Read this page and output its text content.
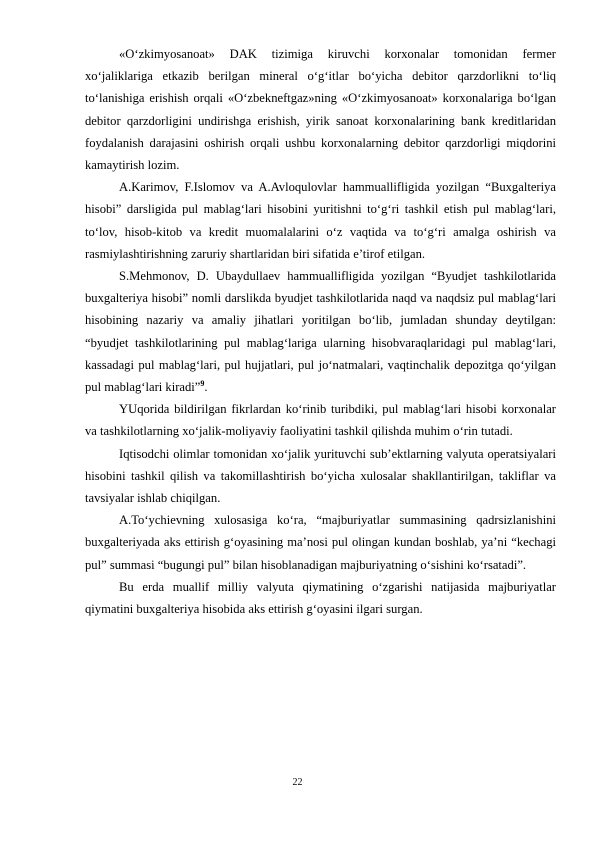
«O‘zkimyosanoat» DAK tizimiga kiruvchi korxonalar tomonidan fermer xo‘jaliklariga etkazib berilgan mineral o‘g‘itlar bo‘yicha debitor qarzdorlikni to‘liq to‘lanishiga erishish orqali «O‘zbekneftgaz»ning «O‘zkimyosanoat» korxonalariga bo‘lgan debitor qarzdorligini undirishga erishish, yirik sanoat korxonalarining bank kreditlaridan foydalanish darajasini oshirish orqali ushbu korxonalarning debitor qarzdorligi miqdorini kamaytirish lozim.

A.Karimov, F.Islomov va A.Avloqulovlar hammuallifligida yozilgan “Buxgalteriya hisobi” darsligida pul mablag‘lari hisobini yuritishni to‘g‘ri tashkil etish pul mablag‘lari, to‘lov, hisob-kitob va kredit muomalalarini o‘z vaqtida va to‘g‘ri amalga oshirish va rasmiylashtirishning zaruriy shartlaridan biri sifatida e’tirof etilgan.

S.Mehmonov, D. Ubaydullaev hammuallifligida yozilgan “Byudjet tashkilotlarida buxgalteriya hisobi” nomli darslikda byudjet tashkilotlarida naqd va naqdsiz pul mablag‘lari hisobining nazariy va amaliy jihatlari yoritilgan bo‘lib, jumladan shunday deytilgan: “byudjet tashkilotlarining pul mablag‘lariga ularning hisobvaraqlaridagi pul mablag‘lari, kassadagi pul mablag‘lari, pul hujjatlari, pul jo‘natmalari, vaqtinchalik depozitga qo‘yilgan pul mablag‘lari kiradi”$^9$.

YUqorida bildirilgan fikrlardan ko‘rinib turibdiki, pul mablag‘lari hisobi korxonalar va tashkilotlarning xo‘jalik-moliyaviy faoliyatini tashkil qilishda muhim o‘rin tutadi.

Iqtisodchi olimlar tomonidan xo‘jalik yurituvchi sub’ektlarning valyuta operatsiyalari hisobini tashkil qilish va takomillashtirish bo‘yicha xulosalar shakllantirilgan, takliflar va tavsiyalar ishlab chiqilgan.

A.To‘ychievning xulosasiga ko‘ra, “majburiyatlar summasining qadrsizlanishini buxgalteriyada aks ettirish g‘oyasining ma’nosi pul olingan kundan boshlab, ya’ni “kechagi pul” summasi “bugungi pul” bilan hisoblanadigan majburiyatning o‘sishini ko‘rsatadi”.

Bu erda muallif milliy valyuta qiymatining o‘zgarishi natijasida majburiyatlar qiymatini buxgalteriya hisobida aks ettirish g‘oyasini ilgari surgan.

22
